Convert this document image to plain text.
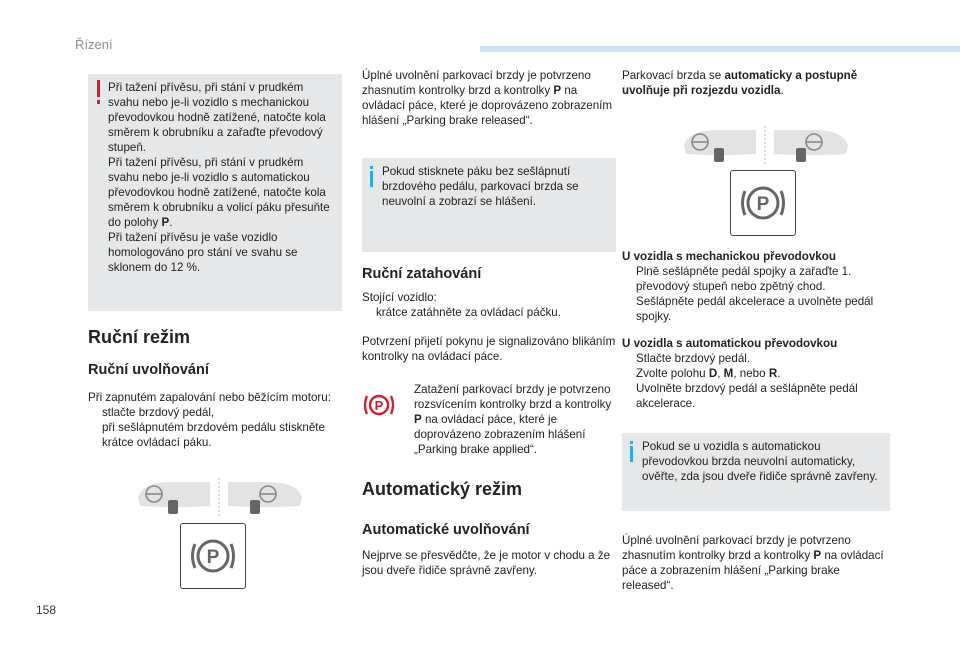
Řízení
158

Při tažení přívěsu, při stání v prudkém svahu nebo je-li vozidlo s mechanickou převodovkou hodně zatížené, natočte kola směrem k obrubníku a zařaďte převodový stupeň.

Při tažení přívěsu, při stání v prudkém svahu nebo je-li vozidlo s automatickou převodovkou hodně zatížené, natočte kola směrem k obrubníku a volicí páku přesuňte do polohy P.

Při tažení přívěsu je vaše vozidlo homologováno pro stání ve svahu se sklonem do 12 %.

Ruční režim
Ruční uvolňování

Při zapnutém zapalování nebo běžícím motoru:

stlačte brzdový pedál,
při sešlápnutém brzdovém pedálu stiskněte krátce ovládací páku.
P

Úplné uvolnění parkovací brzdy je potvrzeno zhasnutím kontrolky brzd a kontrolky P na ovládací páce, které je doprovázeno zobrazením hlášení „Parking brake released“.

Pokud stisknete páku bez sešlápnutí brzdového pedálu, parkovací brzda se neuvolní a zobrazí se hlášení.

Ruční zatahování

Stojící vozidlo:

krátce zatáhněte za ovládací páčku.

Potvrzení přijetí pokynu je signalizováno blikáním kontrolky na ovládací páce.

P

Zatažení parkovací brzdy je potvrzeno rozsvícením kontrolky brzd a kontrolky P na ovládací páce, které je doprovázeno zobrazením hlášení „Parking brake applied“.

Automatický režim
Automatické uvolňování

Nejprve se přesvědčte, že je motor v chodu a že jsou dveře řidiče správně zavřeny.

Parkovací brzda se automaticky a postupně uvolňuje při rozjezdu vozidla.

P

U vozidla s mechanickou převodovkou

Plně sešlápněte pedál spojky a zařaďte 1. převodový stupeň nebo zpětný chod.
Sešlápněte pedál akcelerace a uvolněte pedál spojky.

U vozidla s automatickou převodovkou

Stlačte brzdový pedál.
Zvolte polohu D, M, nebo R.
Uvolněte brzdový pedál a sešlápněte pedál akcelerace.

Pokud se u vozidla s automatickou převodovkou brzda neuvolní automaticky, ověřte, zda jsou dveře řidiče správně zavřeny.

Úplné uvolnění parkovací brzdy je potvrzeno zhasnutím kontrolky brzd a kontrolky P na ovládací páce a zobrazením hlášení „Parking brake released“.
